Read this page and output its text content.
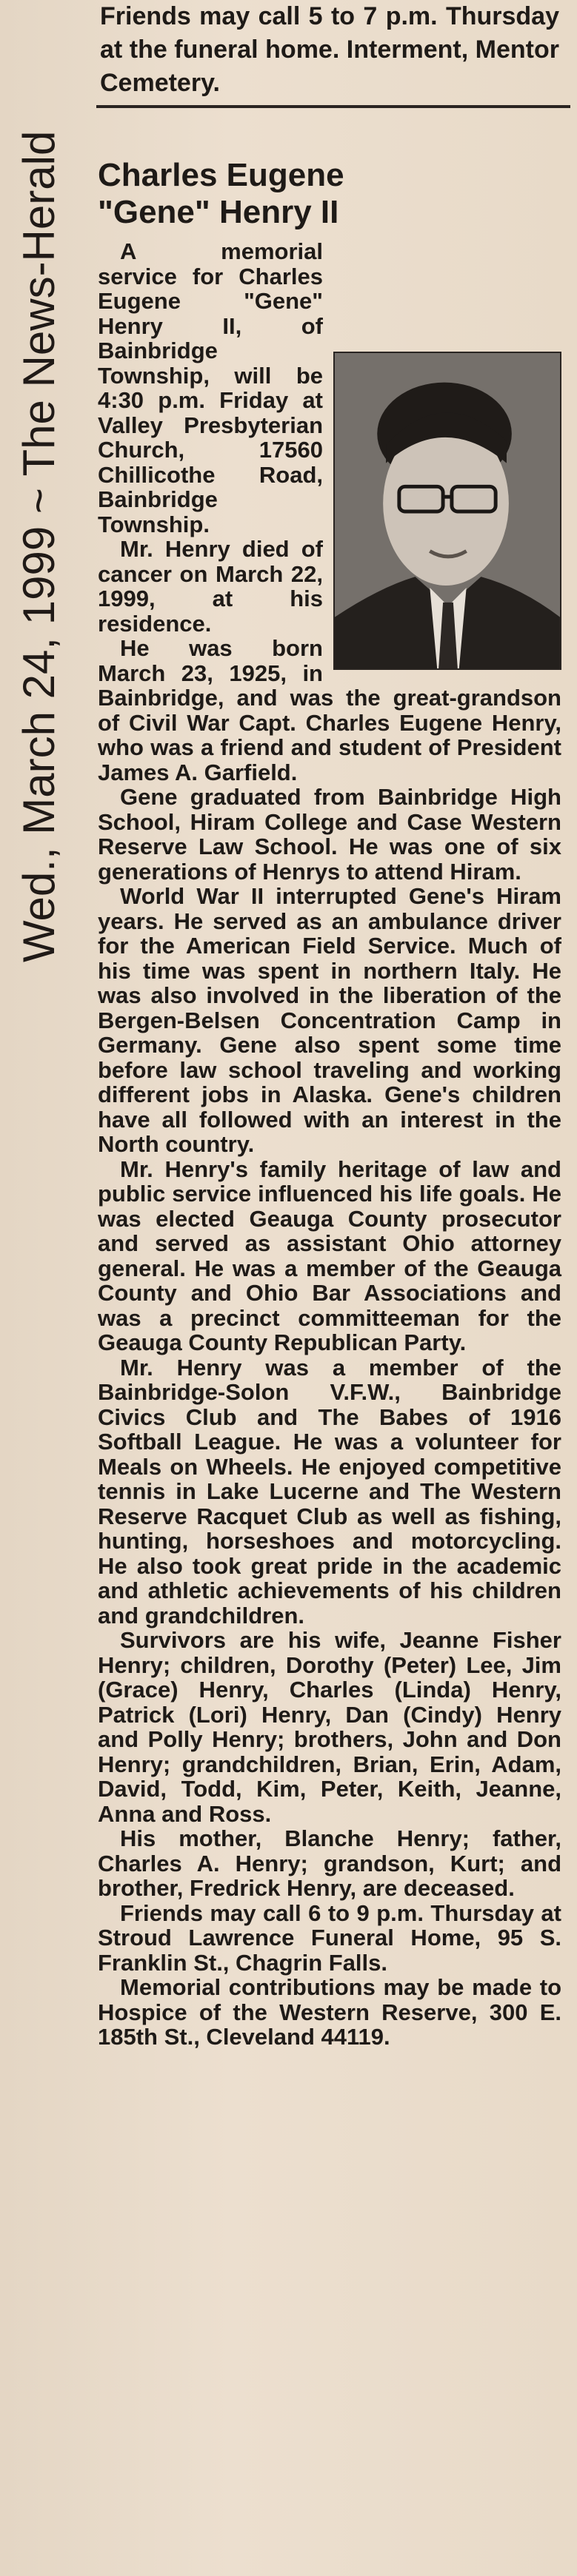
Friends may call 5 to 7 p.m. Thursday at the funeral home. Interment, Mentor Cemetery.
Wed., March 24, 1999 ~ The News-Herald	Charles Eugene
"Gene" Henry II

A memorial service for Charles Eugene "Gene" Henry II, of Bainbridge Township, will be 4:30 p.m. Friday at Valley Presbyterian Church, 17560 Chillicothe Road, Bainbridge Township.

Mr. Henry died of cancer on March 22, 1999, at his residence.

He was born March 23, 1925, in Bainbridge, and was the great-grandson of Civil War Capt. Charles Eugene Henry, who was a friend and student of President James A. Garfield.

Gene graduated from Bainbridge High School, Hiram College and Case Western Reserve Law School. He was one of six generations of Henrys to attend Hiram.

World War II interrupted Gene's Hiram years. He served as an ambulance driver for the American Field Service. Much of his time was spent in northern Italy. He was also involved in the liberation of the Bergen-Belsen Concentration Camp in Germany. Gene also spent some time before law school traveling and working different jobs in Alaska. Gene's children have all followed with an interest in the North country.

Mr. Henry's family heritage of law and public service influenced his life goals. He was elected Geauga County prosecutor and served as assistant Ohio attorney general. He was a member of the Geauga County and Ohio Bar Associations and was a precinct committeeman for the Geauga County Republican Party.

Mr. Henry was a member of the Bainbridge-Solon V.F.W., Bainbridge Civics Club and The Babes of 1916 Softball League. He was a volunteer for Meals on Wheels. He enjoyed competitive tennis in Lake Lucerne and The Western Reserve Racquet Club as well as fishing, hunting, horseshoes and motorcycling. He also took great pride in the academic and athletic achievements of his children and grandchildren.

Survivors are his wife, Jeanne Fisher Henry; children, Dorothy (Peter) Lee, Jim (Grace) Henry, Charles (Linda) Henry, Patrick (Lori) Henry, Dan (Cindy) Henry and Polly Henry; brothers, John and Don Henry; grandchildren, Brian, Erin, Adam, David, Todd, Kim, Peter, Keith, Jeanne, Anna and Ross.

His mother, Blanche Henry; father, Charles A. Henry; grandson, Kurt; and brother, Fredrick Henry, are deceased.

Friends may call 6 to 9 p.m. Thursday at Stroud Lawrence Funeral Home, 95 S. Franklin St., Chagrin Falls.

Memorial contributions may be made to Hospice of the Western Reserve, 300 E. 185th St., Cleveland 44119.
